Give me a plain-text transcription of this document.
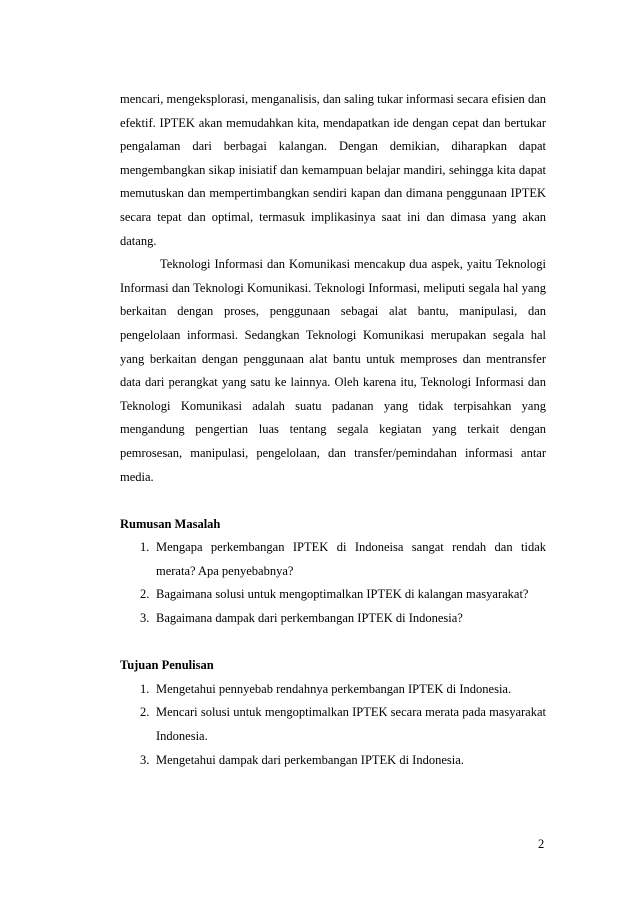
mencari, mengeksplorasi, menganalisis, dan saling tukar informasi secara efisien dan efektif. IPTEK akan memudahkan kita, mendapatkan ide dengan cepat dan bertukar pengalaman dari berbagai kalangan. Dengan demikian, diharapkan dapat mengembangkan sikap inisiatif dan kemampuan belajar mandiri, sehingga kita dapat memutuskan dan mempertimbangkan sendiri kapan dan dimana penggunaan IPTEK secara tepat dan optimal, termasuk implikasinya saat ini dan dimasa yang akan datang.

Teknologi Informasi dan Komunikasi mencakup dua aspek, yaitu Teknologi Informasi dan Teknologi Komunikasi. Teknologi Informasi, meliputi segala hal yang berkaitan dengan proses, penggunaan sebagai alat bantu, manipulasi, dan pengelolaan informasi. Sedangkan Teknologi Komunikasi merupakan segala hal yang berkaitan dengan penggunaan alat bantu untuk memproses dan mentransfer data dari perangkat yang satu ke lainnya. Oleh karena itu, Teknologi Informasi dan Teknologi Komunikasi adalah suatu padanan yang tidak terpisahkan yang mengandung pengertian luas tentang segala kegiatan yang terkait dengan pemrosesan, manipulasi, pengelolaan, dan transfer/pemindahan informasi antar media.

Rumusan Masalah

1. Mengapa perkembangan IPTEK di Indoneisa sangat rendah dan tidak merata? Apa penyebabnya?
2. Bagaimana solusi untuk mengoptimalkan IPTEK di kalangan masyarakat?
3. Bagaimana dampak dari perkembangan IPTEK di Indonesia?

Tujuan Penulisan

1. Mengetahui pennyebab rendahnya perkembangan IPTEK di Indonesia.
2. Mencari solusi untuk mengoptimalkan IPTEK secara merata pada masyarakat Indonesia.
3. Mengetahui dampak dari perkembangan IPTEK di Indonesia.
2
